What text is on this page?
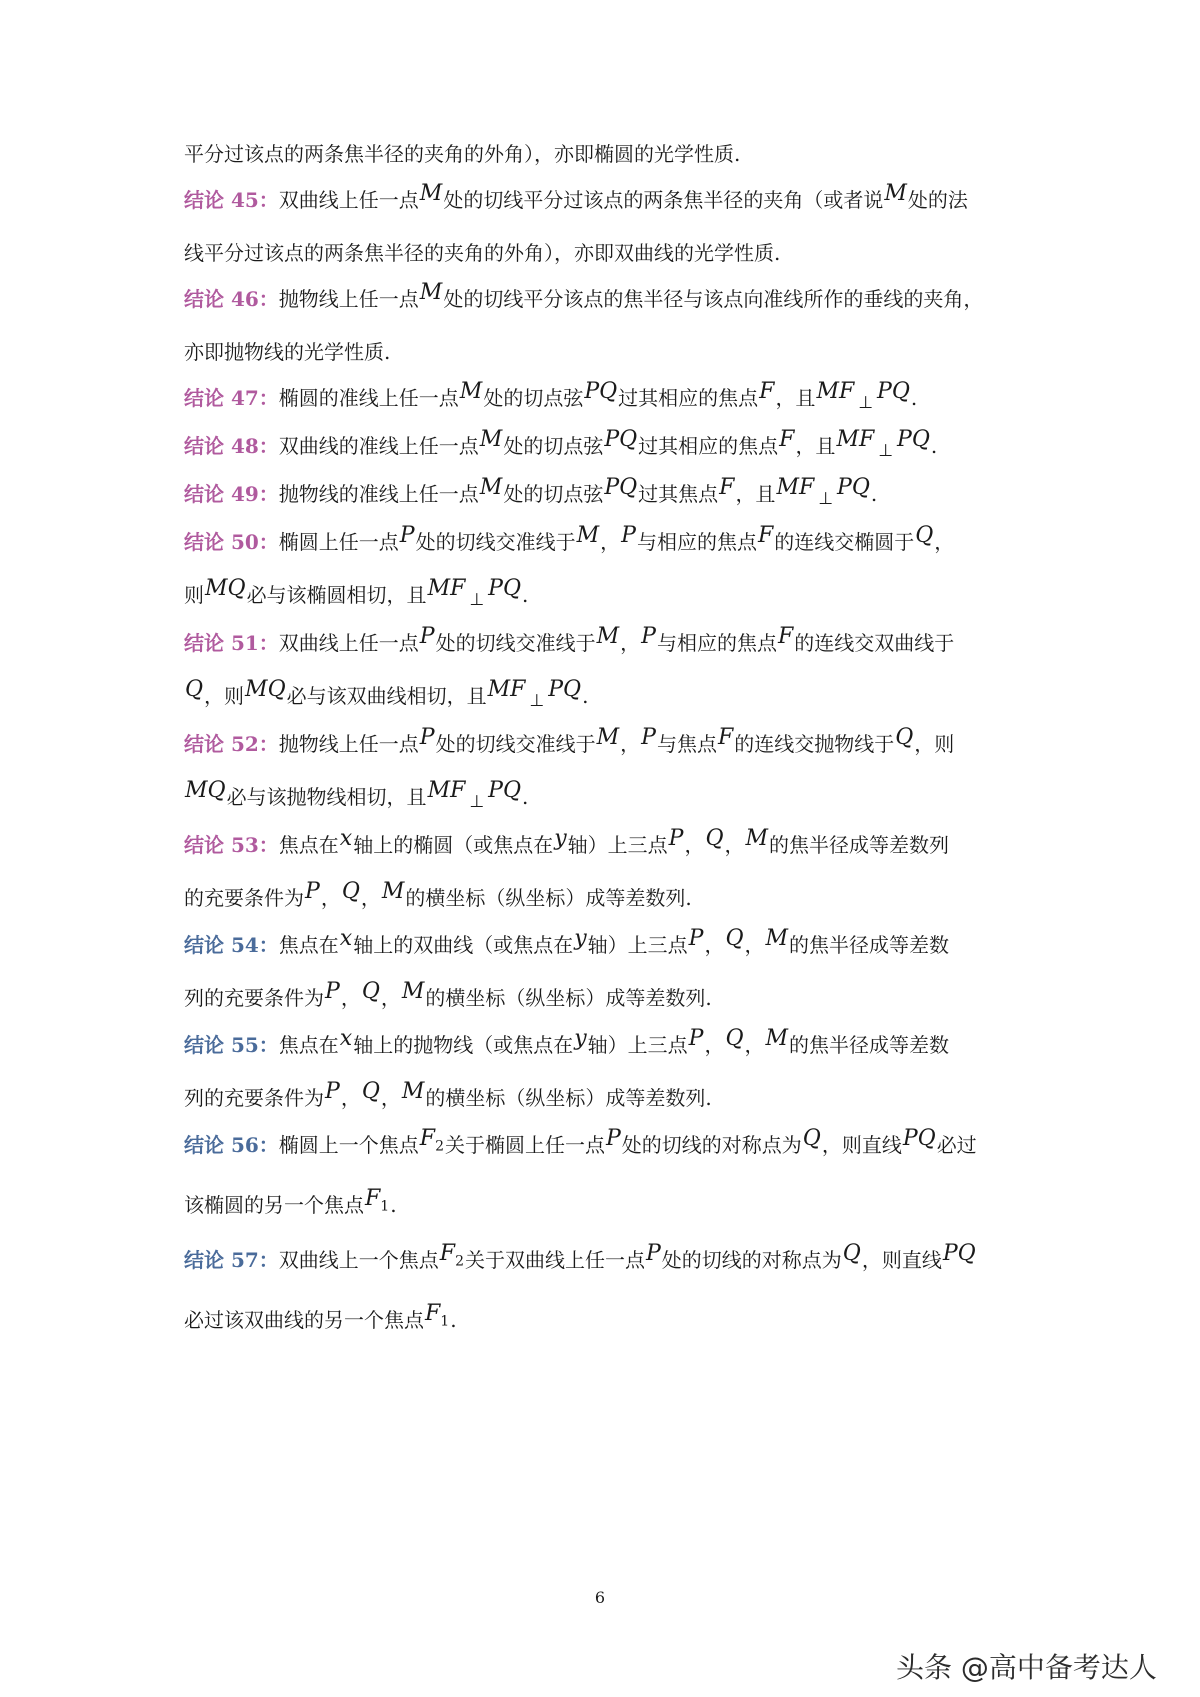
平分过该点的两条焦半径的夹角的外角），亦即椭圆的光学性质.

结论 45：双曲线上任一点M处的切线平分过该点的两条焦半径的夹角（或者说M处的法
线平分过该点的两条焦半径的夹角的外角），亦即双曲线的光学性质.

结论 46：抛物线上任一点M处的切线平分该点的焦半径与该点向准线所作的垂线的夹角，
亦即抛物线的光学性质.

结论 47：椭圆的准线上任一点M处的切点弦PQ过其相应的焦点F，且MF ⊥ PQ.

结论 48：双曲线的准线上任一点M处的切点弦PQ过其相应的焦点F，且MF ⊥ PQ.

结论 49：抛物线的准线上任一点M处的切点弦PQ过其焦点F，且MF ⊥ PQ.

结论 50：椭圆上任一点P处的切线交准线于M，P与相应的焦点F的连线交椭圆于Q，
则MQ必与该椭圆相切，且MF ⊥ PQ.

结论 51：双曲线上任一点P处的切线交准线于M，P与相应的焦点F的连线交双曲线于
Q，则MQ必与该双曲线相切，且MF ⊥ PQ.

结论 52：抛物线上任一点P处的切线交准线于M，P与焦点F的连线交抛物线于Q，则
MQ必与该抛物线相切，且MF ⊥ PQ.

结论 53：焦点在x轴上的椭圆（或焦点在y轴）上三点P，Q，M的焦半径成等差数列
的充要条件为P，Q，M的横坐标（纵坐标）成等差数列.

结论 54：焦点在x轴上的双曲线（或焦点在y轴）上三点P，Q，M的焦半径成等差数
列的充要条件为P，Q，M的横坐标（纵坐标）成等差数列.

结论 55：焦点在x轴上的抛物线（或焦点在y轴）上三点P，Q，M的焦半径成等差数
列的充要条件为P，Q，M的横坐标（纵坐标）成等差数列.

结论 56：椭圆上一个焦点$F_2$关于椭圆上任一点P处的切线的对称点为Q，则直线PQ必过
该椭圆的另一个焦点$F_1$.

结论 57：双曲线上一个焦点$F_2$关于双曲线上任一点P处的切线的对称点为Q，则直线PQ
必过该双曲线的另一个焦点$F_1$.

6
头条 @高中备考达人
